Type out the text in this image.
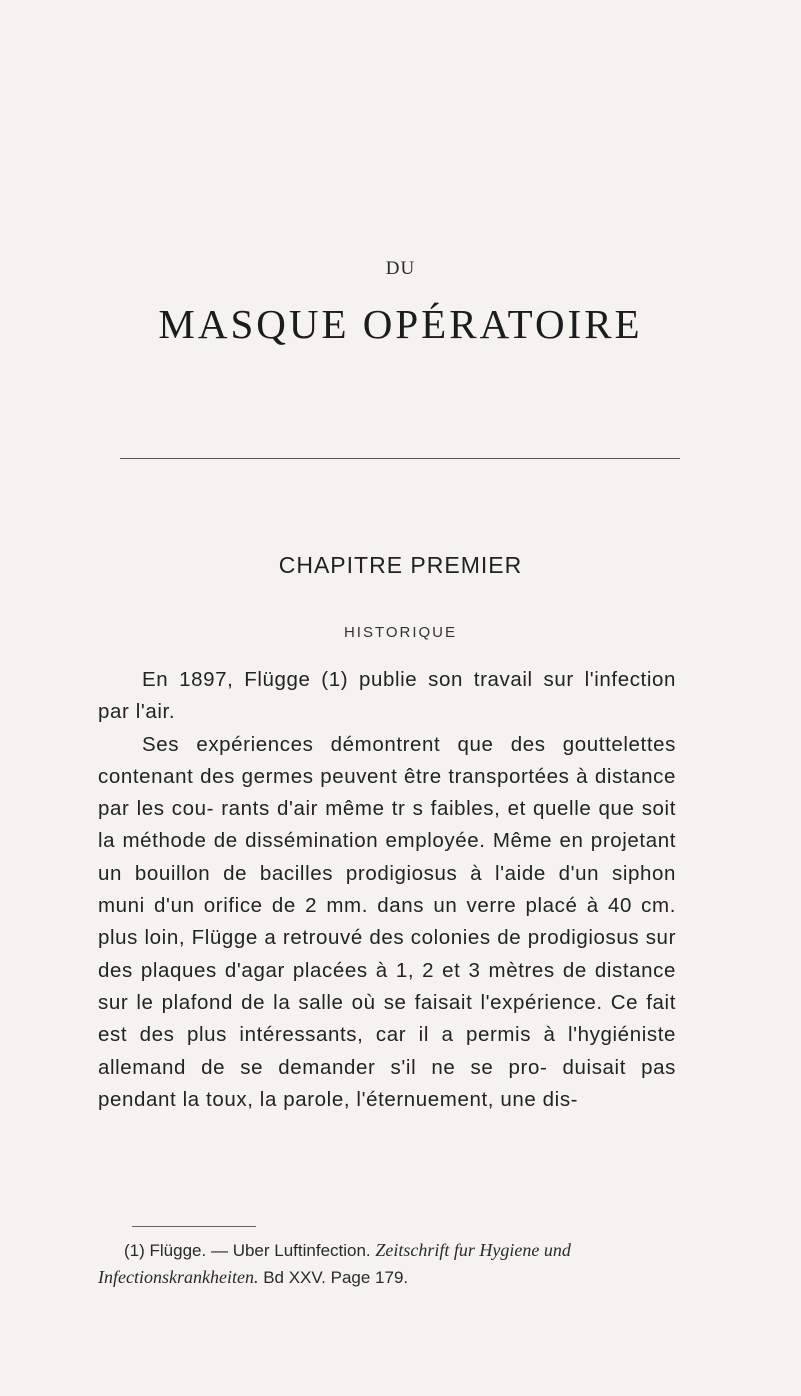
DU
MASQUE OPÉRATOIRE
CHAPITRE PREMIER
HISTORIQUE

En 1897, Flügge (1) publie son travail sur l'infection par l'air.

Ses expériences démontrent que des gouttelettes contenant des germes peuvent être transportées à distance par les cou- rants d'air même tr s faibles, et quelle que soit la méthode de dissémination employée. Même en projetant un bouillon de bacilles prodigiosus à l'aide d'un siphon muni d'un orifice de 2 mm. dans un verre placé à 40 cm. plus loin, Flügge a retrouvé des colonies de prodigiosus sur des plaques d'agar placées à 1, 2 et 3 mètres de distance sur le plafond de la salle où se faisait l'expérience. Ce fait est des plus intéressants, car il a permis à l'hygiéniste allemand de se demander s'il ne se pro- duisait pas pendant la toux, la parole, l'éternuement, une dis-

(1) Flügge. — Uber Luftinfection. Zeitschrift fur Hygiene und Infectionskrankheiten. Bd XXV. Page 179.
